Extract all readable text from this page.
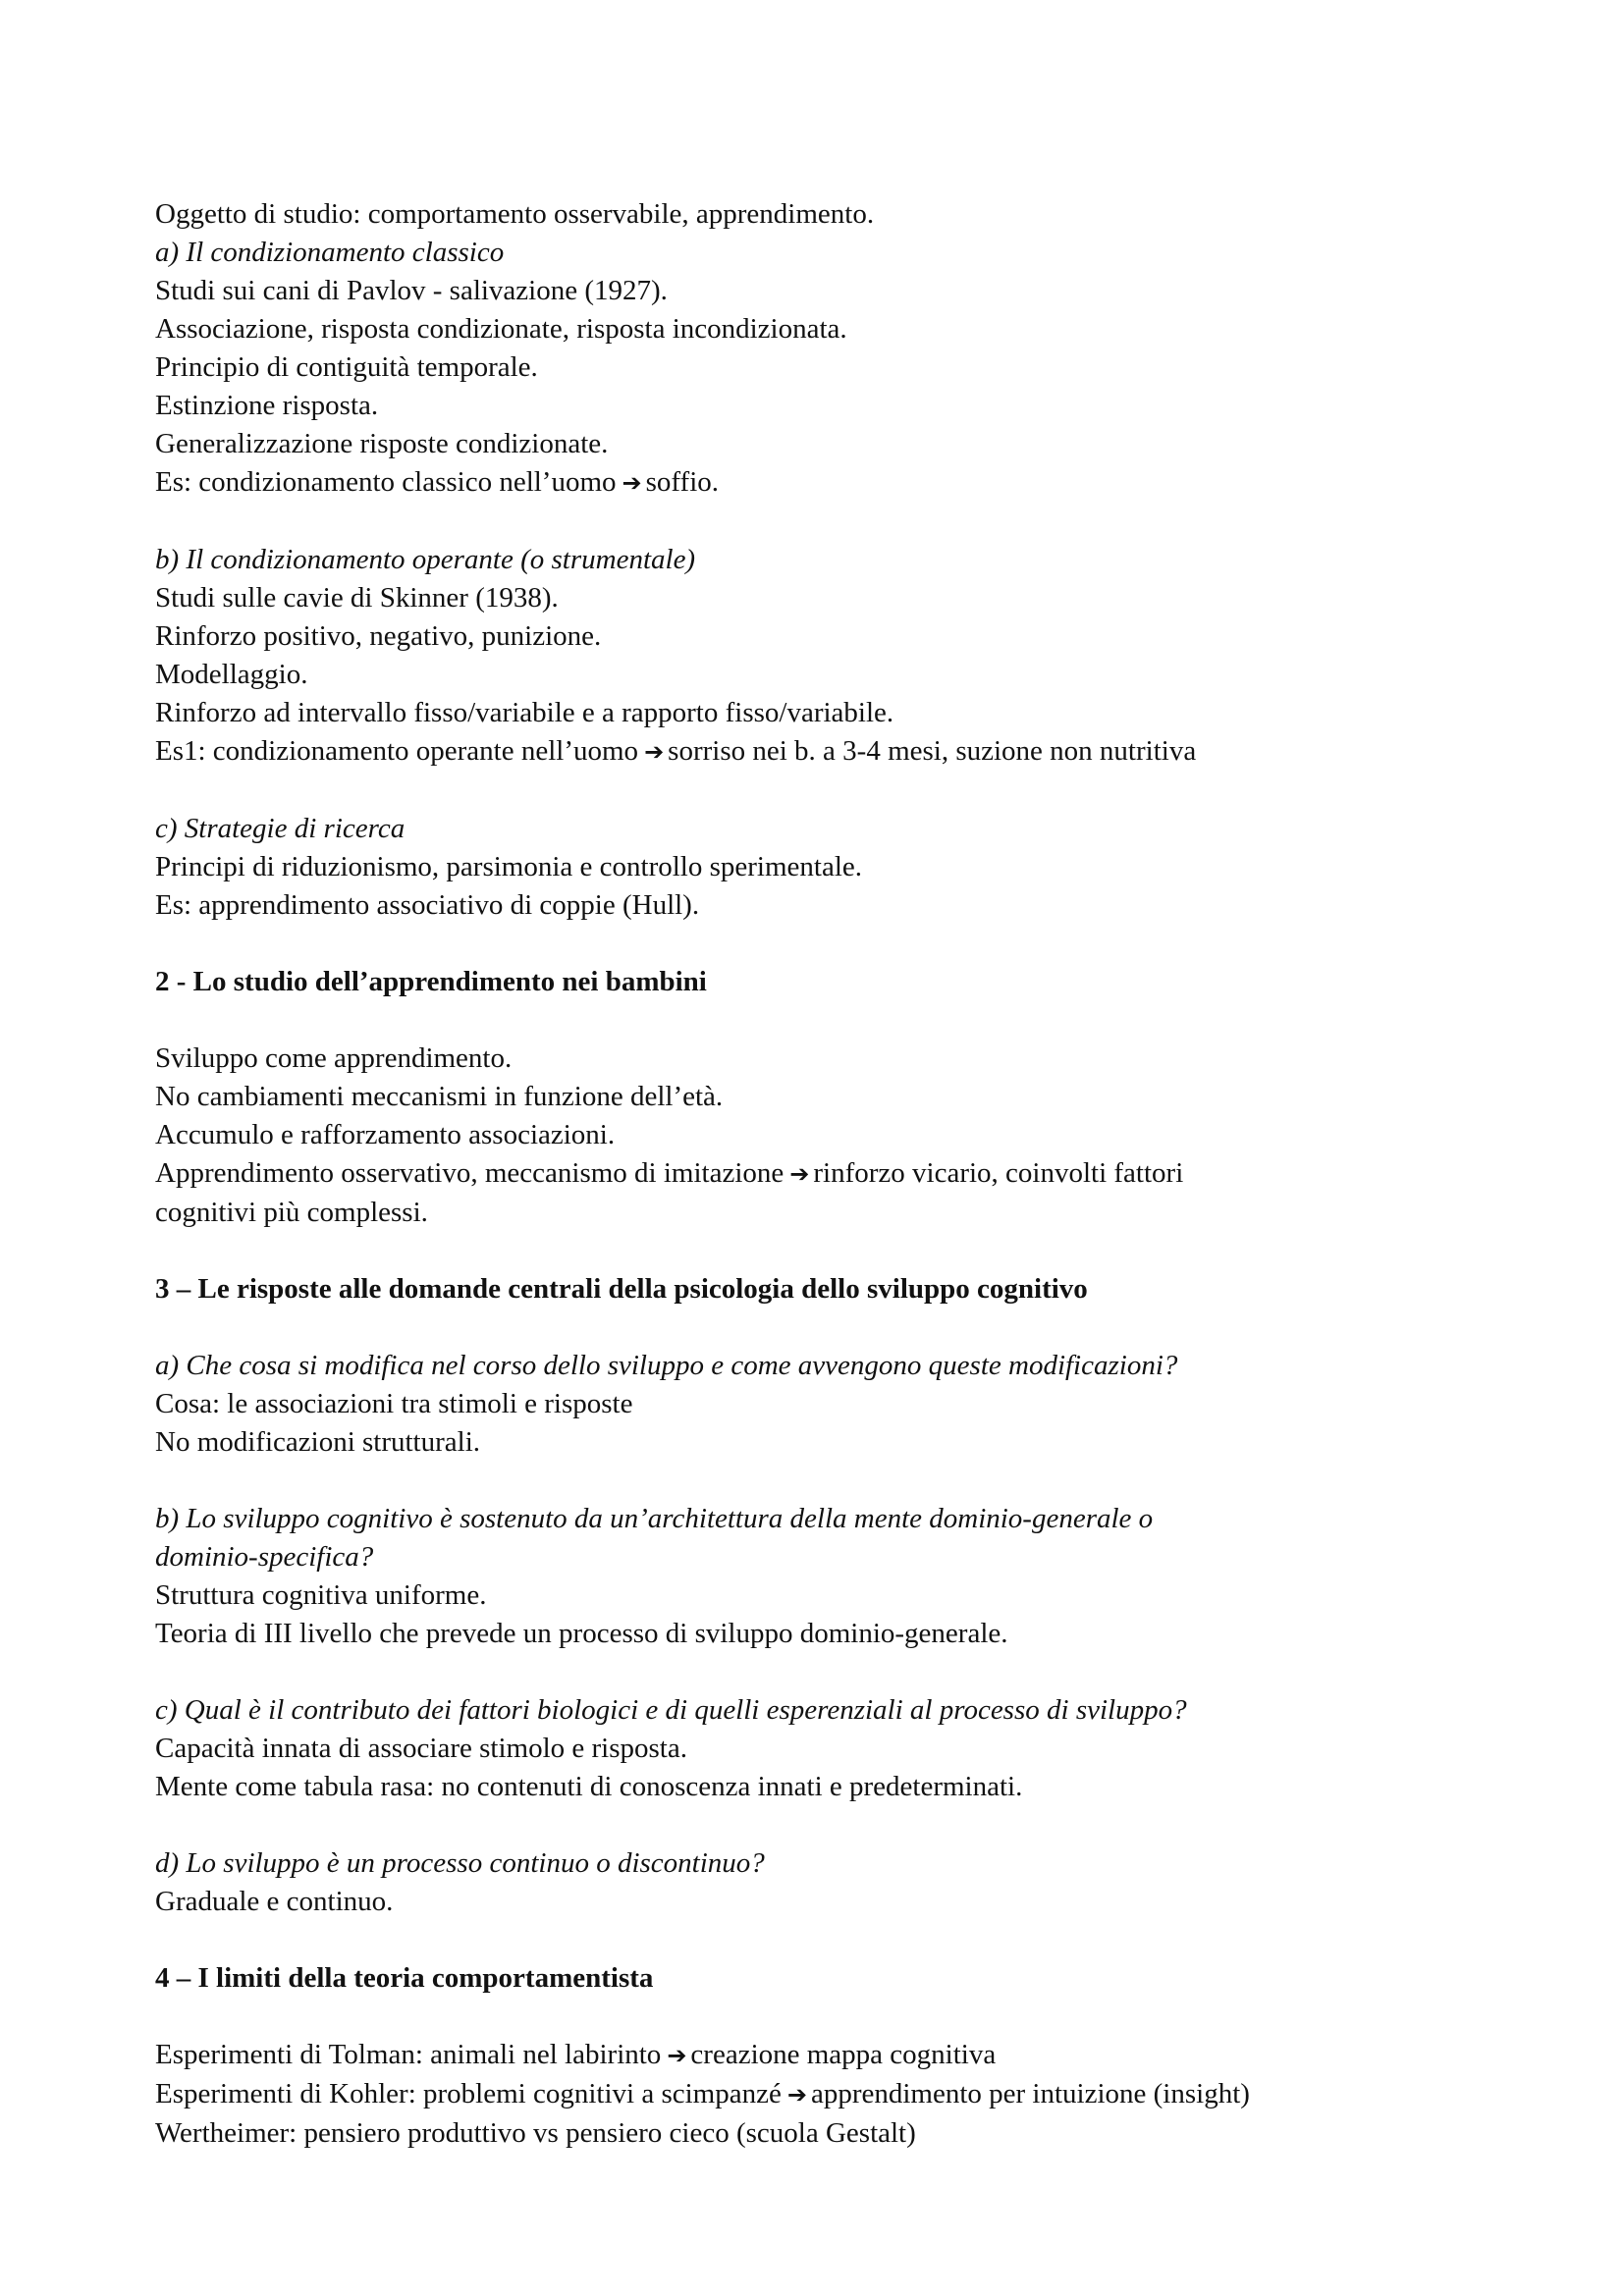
Oggetto di studio: comportamento osservabile, apprendimento.

a) Il condizionamento classico

Studi sui cani di Pavlov - salivazione (1927).

Associazione, risposta condizionate, risposta incondizionata.

Principio di contiguità temporale.

Estinzione risposta.

Generalizzazione risposte condizionate.

Es: condizionamento classico nell’uomo ➔ soffio.

b) Il condizionamento operante (o strumentale)

Studi sulle cavie di Skinner (1938).

Rinforzo positivo, negativo, punizione.

Modellaggio.

Rinforzo ad intervallo fisso/variabile e a rapporto fisso/variabile.

Es1: condizionamento operante nell’uomo ➔ sorriso nei b. a 3-4 mesi, suzione non nutritiva

c) Strategie di ricerca

Principi di riduzionismo, parsimonia e controllo sperimentale.

Es: apprendimento associativo di coppie (Hull).

2 - Lo studio dell’apprendimento nei bambini

Sviluppo come apprendimento.

No cambiamenti meccanismi in funzione dell’età.

Accumulo e rafforzamento associazioni.

Apprendimento osservativo, meccanismo di imitazione ➔ rinforzo vicario, coinvolti fattori

cognitivi più complessi.

3 – Le risposte alle domande centrali della psicologia dello sviluppo cognitivo

a) Che cosa si modifica nel corso dello sviluppo e come avvengono queste modificazioni?

Cosa: le associazioni tra stimoli e risposte

No modificazioni strutturali.

b) Lo sviluppo cognitivo è sostenuto da un’architettura della mente dominio-generale o

dominio-specifica?

Struttura cognitiva uniforme.

Teoria di III livello che prevede un processo di sviluppo dominio-generale.

c) Qual è il contributo dei fattori biologici e di quelli esperenziali al processo di sviluppo?

Capacità innata di associare stimolo e risposta.

Mente come tabula rasa: no contenuti di conoscenza innati e predeterminati.

d) Lo sviluppo è un processo continuo o discontinuo?

Graduale e continuo.

4 – I limiti della teoria comportamentista

Esperimenti di Tolman: animali nel labirinto ➔ creazione mappa cognitiva

Esperimenti di Kohler: problemi cognitivi a scimpanzé ➔ apprendimento per intuizione (insight)

Wertheimer: pensiero produttivo vs pensiero cieco (scuola Gestalt)
